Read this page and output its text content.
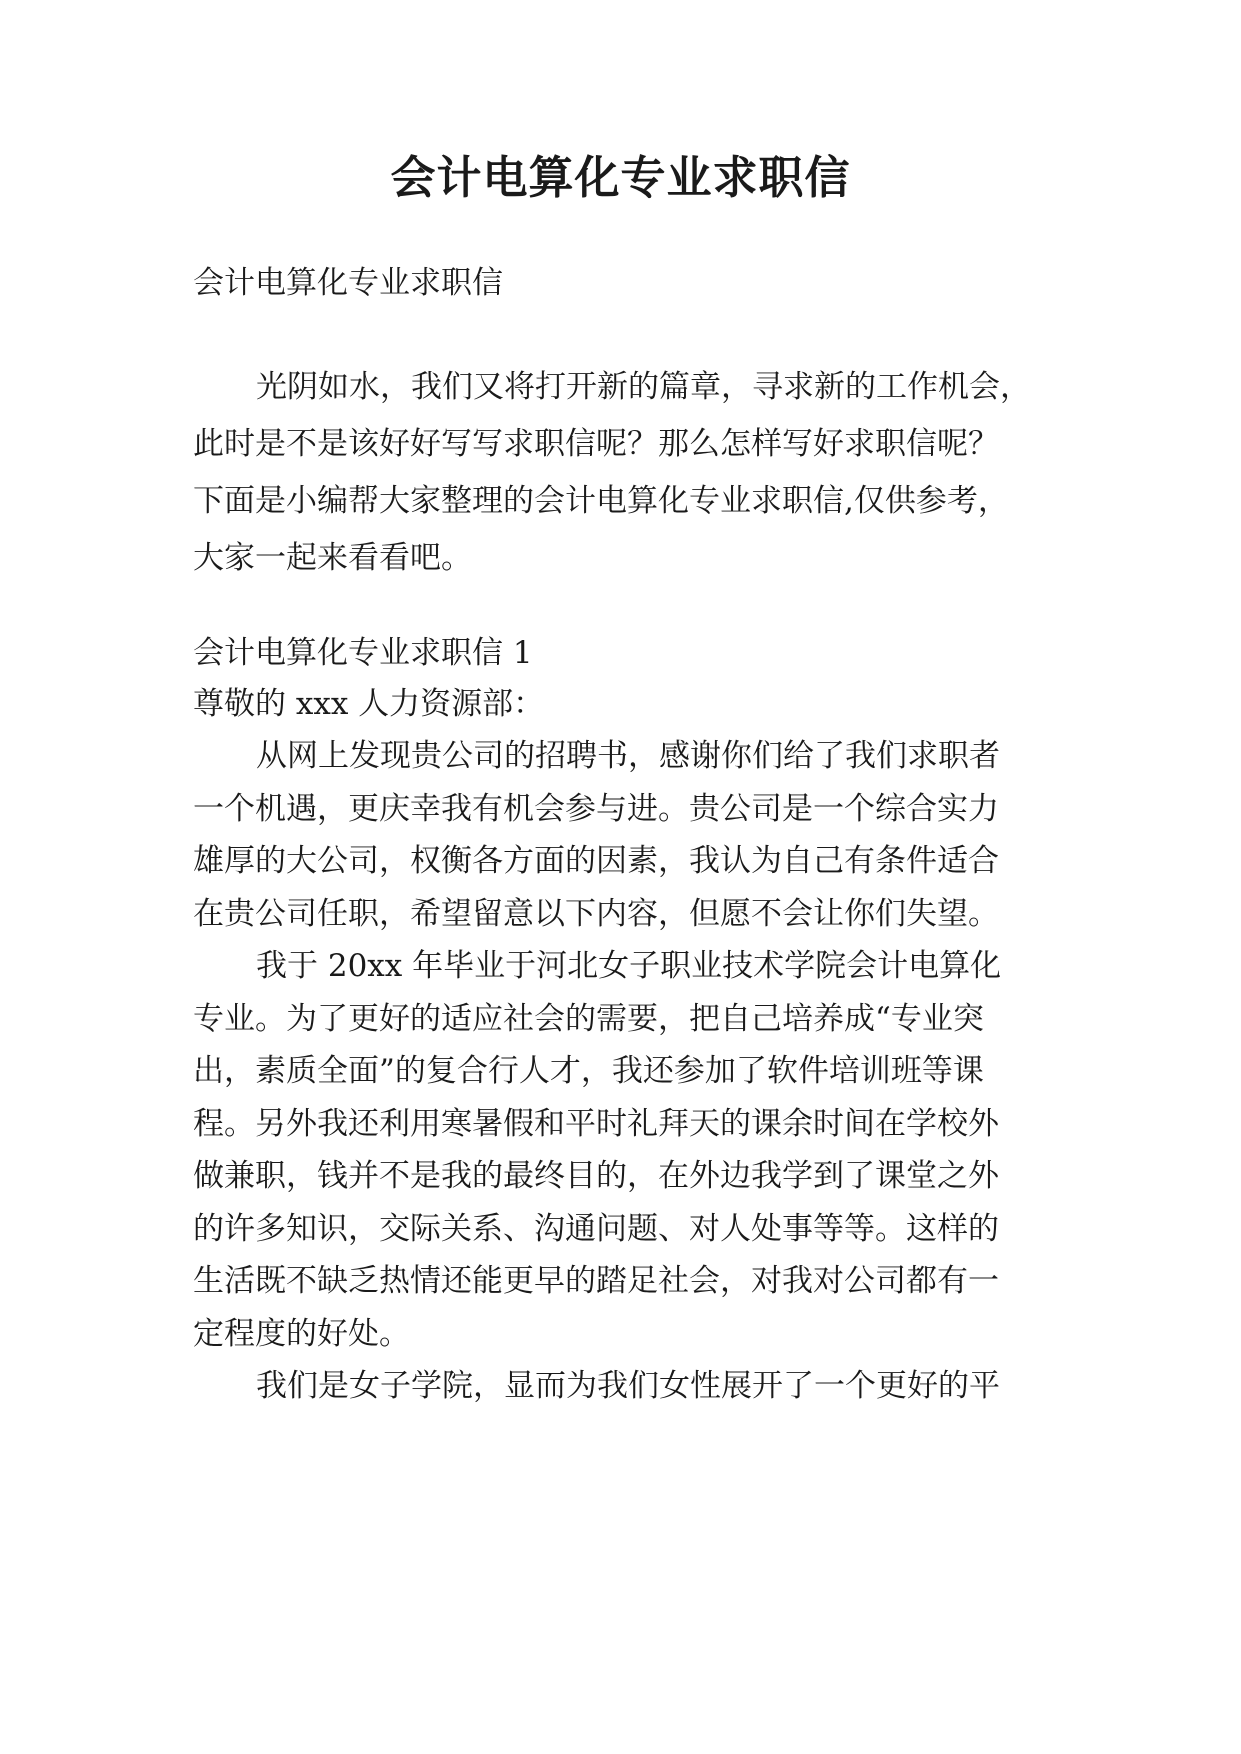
会计电算化专业求职信

会计电算化专业求职信

光阴如水，我们又将打开新的篇章，寻求新的工作机会，

此时是不是该好好写写求职信呢？那么怎样写好求职信呢？

下面是小编帮大家整理的会计电算化专业求职信,仅供参考，

大家一起来看看吧。

会计电算化专业求职信 1

尊敬的 xxx 人力资源部：

从网上发现贵公司的招聘书，感谢你们给了我们求职者

一个机遇，更庆幸我有机会参与进。贵公司是一个综合实力

雄厚的大公司，权衡各方面的因素，我认为自己有条件适合

在贵公司任职，希望留意以下内容，但愿不会让你们失望。

我于 20xx 年毕业于河北女子职业技术学院会计电算化

专业。为了更好的适应社会的需要，把自己培养成“专业突

出，素质全面”的复合行人才，我还参加了软件培训班等课

程。另外我还利用寒暑假和平时礼拜天的课余时间在学校外

做兼职，钱并不是我的最终目的，在外边我学到了课堂之外

的许多知识，交际关系、沟通问题、对人处事等等。这样的

生活既不缺乏热情还能更早的踏足社会，对我对公司都有一

定程度的好处。

我们是女子学院，显而为我们女性展开了一个更好的平
